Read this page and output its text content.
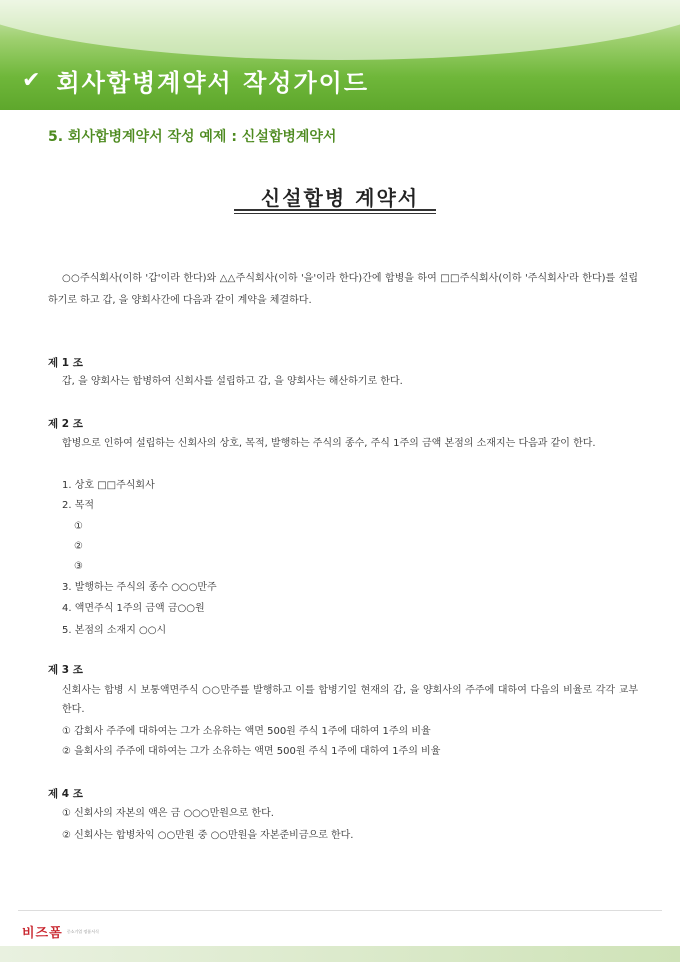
✔ 회사합병계약서 작성가이드
5. 회사합병계약서 작성 예제 : 신설합병계약서
신설합병 계약서

○○주식회사(이하 '갑'이라 한다)와 △△주식회사(이하 '을'이라 한다)간에 합병을 하여 □□주식회사(이하 '주식회사'라 한다)를 설립하기로 하고 갑, 을 양회사간에 다음과 같이 계약을 체결하다.

제 1 조
갑, 을 양회사는 합병하여 신회사를 설립하고 갑, 을 양회사는 해산하기로 한다.
제 2 조
합병으로 인하여 설립하는 신회사의 상호, 목적, 발행하는 주식의 종수, 주식 1주의 금액 본점의 소재지는 다음과 같이 한다.
1. 상호 □□주식회사
2. 목적
①
②
③
3. 발행하는 주식의 종수 ○○○만주
4. 액면주식 1주의 금액 금○○원
5. 본점의 소재지 ○○시
제 3 조
신회사는 합병 시 보통액면주식 ○○만주를 발행하고 이를 합병기일 현재의 갑, 을 양회사의 주주에 대하여 다음의 비율로 각각 교부한다.
① 갑회사 주주에 대하여는 그가 소유하는 액면 500원 주식 1주에 대하여 1주의 비율
② 을회사의 주주에 대하여는 그가 소유하는 액면 500원 주식 1주에 대하여 1주의 비율
제 4 조
① 신회사의 자본의 액은 금 ○○○만원으로 한다.
② 신회사는 합병차익 ○○만원 중 ○○만원을 자본준비금으로 한다.
비즈폼 중소기업 정품서식
